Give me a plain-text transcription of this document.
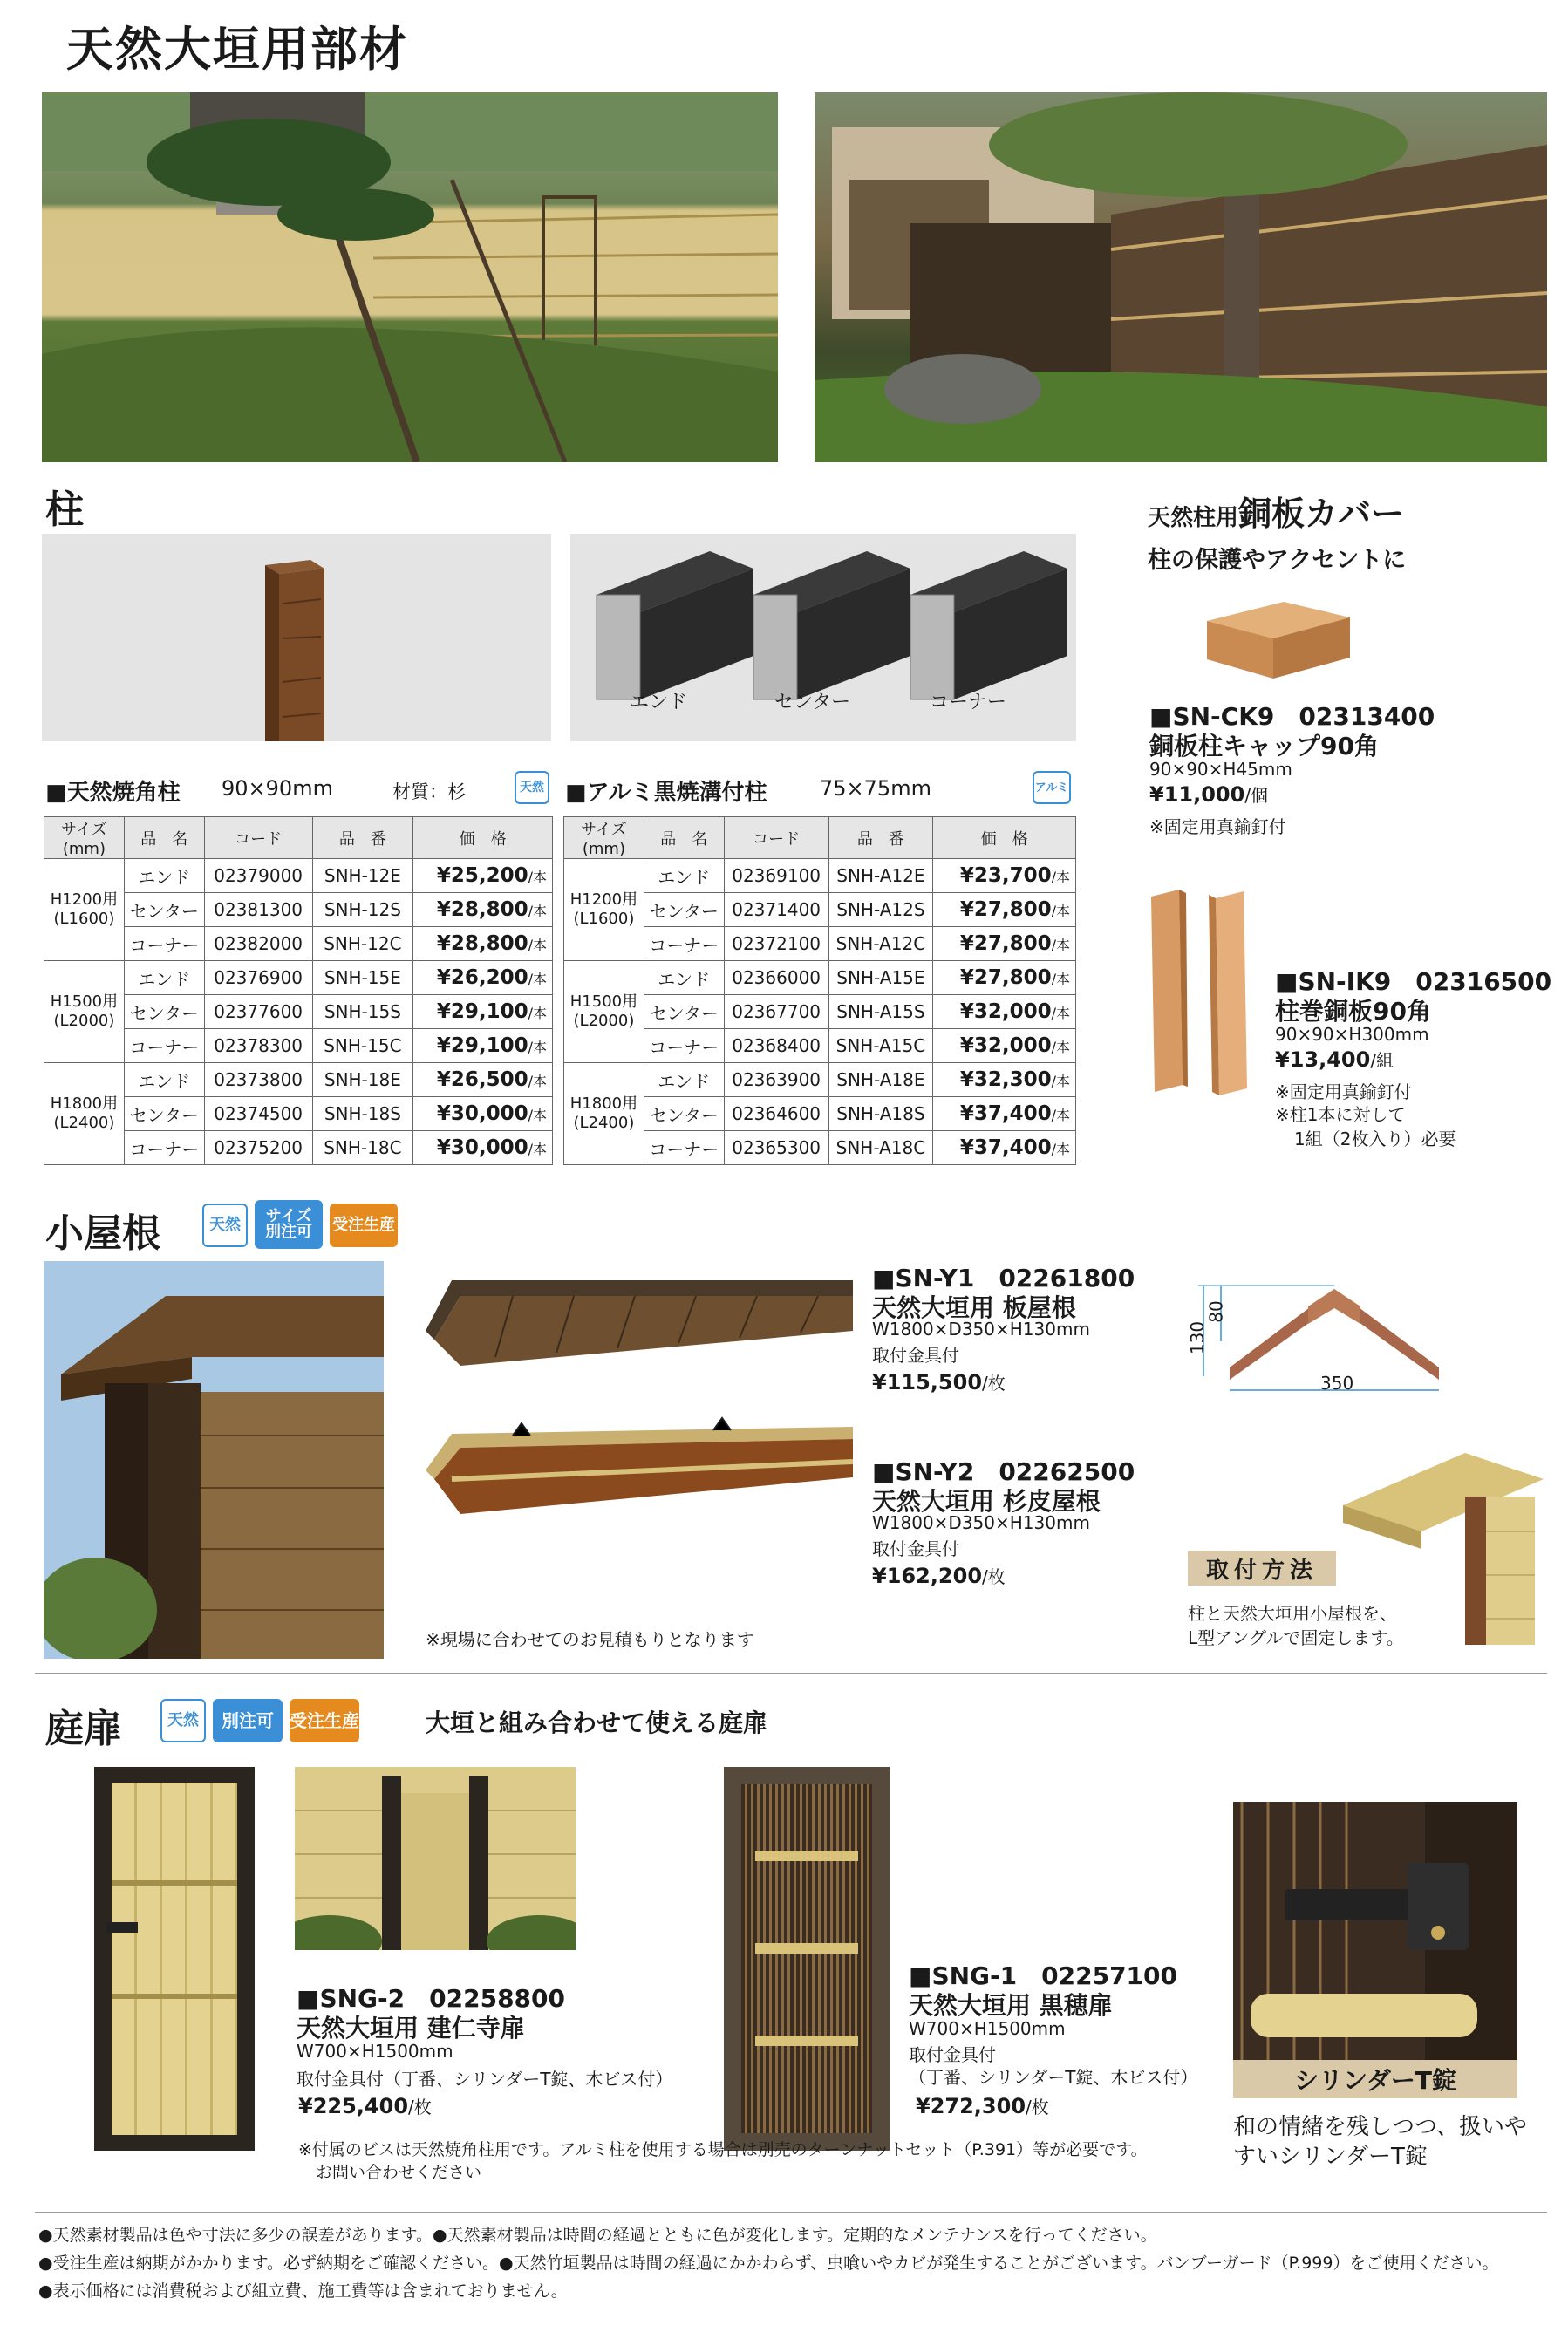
天然大垣用部材
柱
エンド	センター	コーナー
■天然焼角柱 90×90mm	材質：杉	天然 ■アルミ黒焼溝付柱	75×75mm	アルミ
サイズ(mm)	品　名	コード	品　番	価　格
H1200用
(L1600)	エンド	02379000	SNH-12E	¥25,200/本
	センター	02381300	SNH-12S	¥28,800/本
	コーナー	02382000	SNH-12C	¥28,800/本
H1500用
(L2000)	エンド	02376900	SNH-15E	¥26,200/本
	センター	02377600	SNH-15S	¥29,100/本
	コーナー	02378300	SNH-15C	¥29,100/本
H1800用
(L2400)	エンド	02373800	SNH-18E	¥26,500/本
	センター	02374500	SNH-18S	¥30,000/本
	コーナー	02375200	SNH-18C	¥30,000/本
サイズ(mm)	品　名	コード	品　番	価　格
H1200用
(L1600)	エンド	02369100	SNH-A12E	¥23,700/本
	センター	02371400	SNH-A12S	¥27,800/本
	コーナー	02372100	SNH-A12C	¥27,800/本
H1500用
(L2000)	エンド	02366000	SNH-A15E	¥27,800/本
	センター	02367700	SNH-A15S	¥32,000/本
	コーナー	02368400	SNH-A15C	¥32,000/本
H1800用
(L2400)	エンド	02363900	SNH-A18E	¥32,300/本
	センター	02364600	SNH-A18S	¥37,400/本
	コーナー	02365300	SNH-A18C	¥37,400/本
天然柱用銅板カバー
柱の保護やアクセントに
■SN-CK9　02313400
銅板柱キャップ90角
90×90×H45mm
¥11,000/個
※固定用真鍮釘付
■SN-IK9　02316500
柱巻銅板90角
90×90×H300mm
¥13,400/組
※固定用真鍮釘付
※柱1本に対して
1組（2枚入り）必要
小屋根	天然	サイズ
別注可 受注生産
■SN-Y1　02261800
天然大垣用 板屋根
W1800×D350×H130mm
取付金具付
¥115,500/枚
■SN-Y2　02262500
天然大垣用 杉皮屋根
W1800×D350×H130mm
取付金具付
¥162,200/枚
※現場に合わせてのお見積もりとなります
130
80
350
取付方法
柱と天然大垣用小屋根を、
L型アングルで固定します。
庭扉	天然	別注可 受注生産	大垣と組み合わせて使える庭扉
■SNG-2　02258800
天然大垣用 建仁寺扉
W700×H1500mm
取付金具付（丁番、シリンダーT錠、木ビス付）
¥225,400/枚
■SNG-1　02257100
天然大垣用 黒穂扉
W700×H1500mm
取付金具付
（丁番、シリンダーT錠、木ビス付）
¥272,300/枚
シリンダーT錠
和の情緒を残しつつ、扱いや
すいシリンダーT錠
※付属のビスは天然焼角柱用です。アルミ柱を使用する場合は別売のターンナットセット（P.391）等が必要です。
お問い合わせください
●天然素材製品は色や寸法に多少の誤差があります。●天然素材製品は時間の経過とともに色が変化します。定期的なメンテナンスを行ってください。
●受注生産は納期がかかります。必ず納期をご確認ください。●天然竹垣製品は時間の経過にかかわらず、虫喰いやカビが発生することがございます。バンブーガード（P.999）をご使用ください。
●表示価格には消費税および組立費、施工費等は含まれておりません。
